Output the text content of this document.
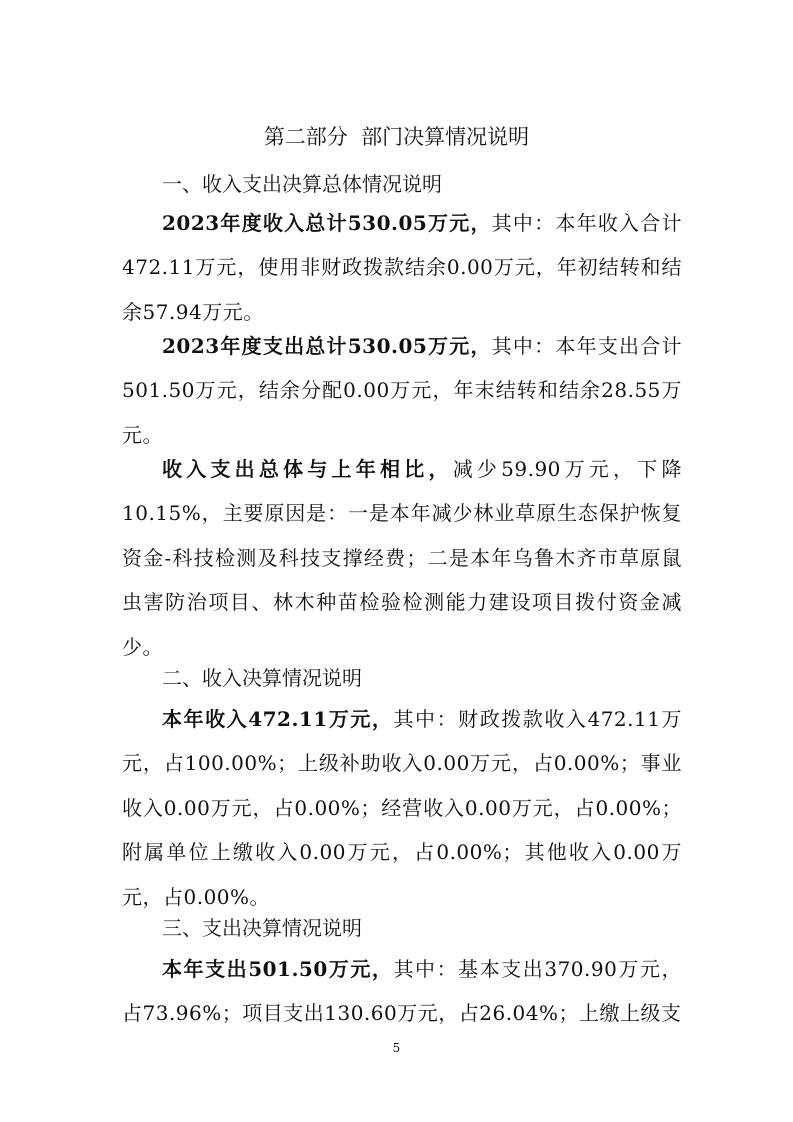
第二部分  部门决算情况说明
一、收入支出决算总体情况说明
2023年度收入总计530.05万元，其中：本年收入合计472.11万元，使用非财政拨款结余0.00万元，年初结转和结余57.94万元。
2023年度支出总计530.05万元，其中：本年支出合计501.50万元，结余分配0.00万元，年末结转和结余28.55万元。
收入支出总体与上年相比，减少59.90万元，下降10.15%，主要原因是：一是本年减少林业草原生态保护恢复资金-科技检测及科技支撑经费；二是本年乌鲁木齐市草原鼠虫害防治项目、林木种苗检验检测能力建设项目拨付资金减少。
二、收入决算情况说明
本年收入472.11万元，其中：财政拨款收入472.11万元，占100.00%；上级补助收入0.00万元，占0.00%；事业收入0.00万元，占0.00%；经营收入0.00万元，占0.00%；附属单位上缴收入0.00万元，占0.00%；其他收入0.00万元，占0.00%。
三、支出决算情况说明
本年支出501.50万元，其中：基本支出370.90万元，占73.96%；项目支出130.60万元，占26.04%；上缴上级支
5
